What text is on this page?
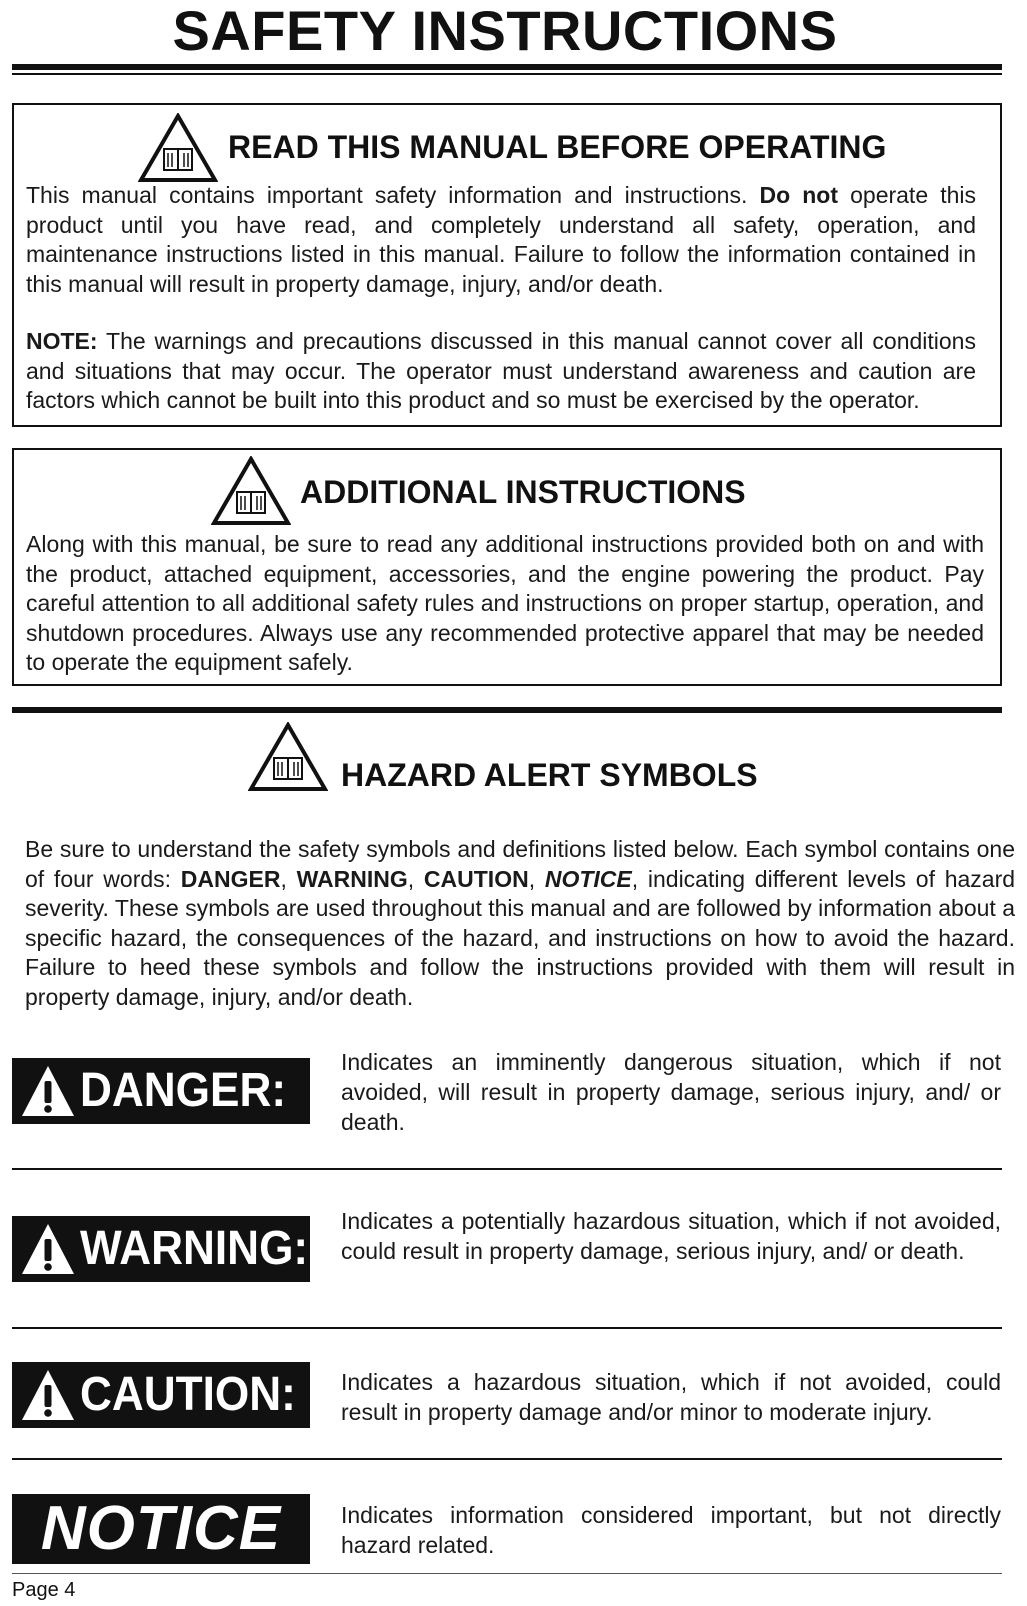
SAFETY INSTRUCTIONS
READ THIS MANUAL BEFORE OPERATING
This manual contains important safety information and instructions. Do not operate this product until you have read, and completely understand all safety, operation, and maintenance instructions listed in this manual. Failure to follow the information contained in this manual will result in property damage, injury, and/or death.
NOTE: The warnings and precautions discussed in this manual cannot cover all conditions and situations that may occur. The operator must understand awareness and caution are factors which cannot be built into this product and so must be exercised by the operator.
ADDITIONAL INSTRUCTIONS
Along with this manual, be sure to read any additional instructions provided both on and with the product, attached equipment, accessories, and the engine powering the product. Pay careful attention to all additional safety rules and instructions on proper startup, operation, and shutdown procedures. Always use any recommended protective apparel that may be needed to operate the equipment safely.
HAZARD ALERT SYMBOLS
Be sure to understand the safety symbols and definitions listed below. Each symbol contains one of four words: DANGER, WARNING, CAUTION, NOTICE, indicating different levels of hazard severity. These symbols are used throughout this manual and are followed by information about a specific hazard, the consequences of the hazard, and instructions on how to avoid the hazard. Failure to heed these symbols and follow the instructions provided with them will result in property damage, injury, and/or death.
DANGER:
Indicates an imminently dangerous situation, which if not avoided, will result in property damage, serious injury, and/ or death.
WARNING:
Indicates a potentially hazardous situation, which if not avoided, could result in property damage, serious injury, and/ or death.
CAUTION: Indicates a hazardous situation, which if not avoided, could result in property damage and/or minor to moderate injury.
NOTICE	Indicates information considered important, but not directly hazard related.
Page 4
